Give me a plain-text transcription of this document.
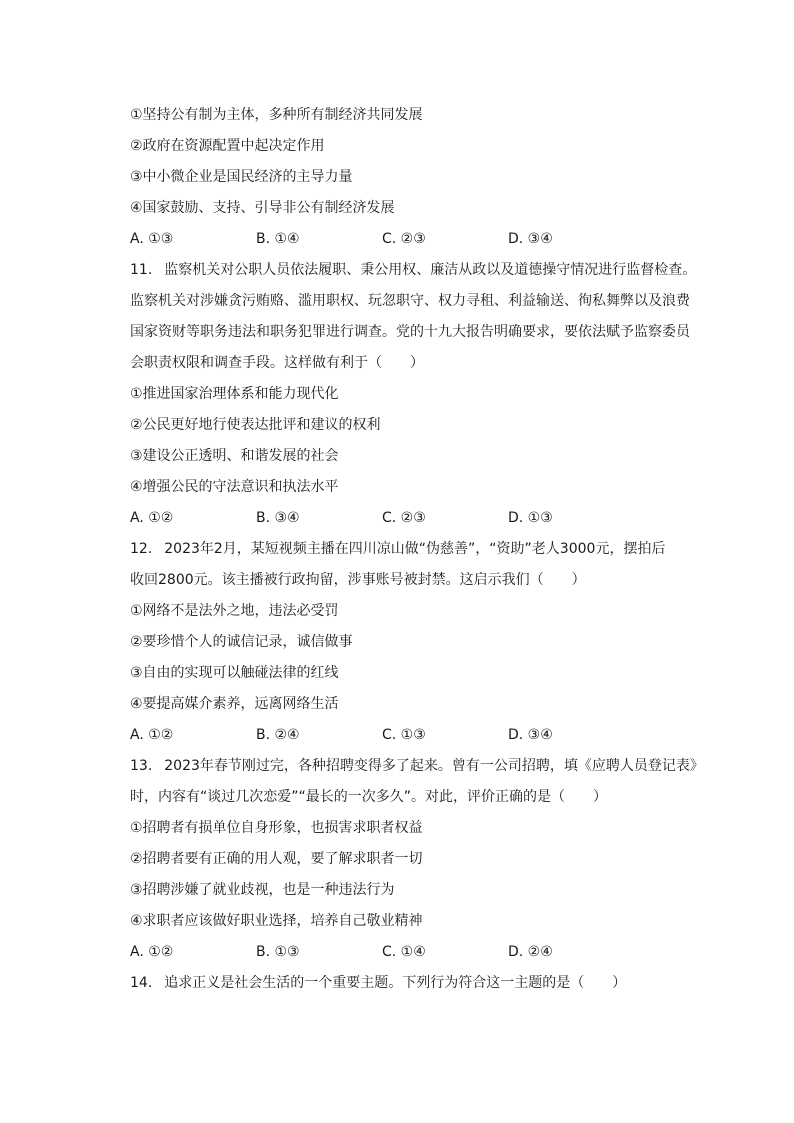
①坚持公有制为主体，多种所有制经济共同发展
②政府在资源配置中起决定作用
③中小微企业是国民经济的主导力量
④国家鼓励、支持、引导非公有制经济发展
A. ①③	B. ①④	C. ②③	D. ③④
11. 监察机关对公职人员依法履职、秉公用权、廉洁从政以及道德操守情况进行监督检查。
监察机关对涉嫌贪污贿赂、滥用职权、玩忽职守、权力寻租、利益输送、徇私舞弊以及浪费
国家资财等职务违法和职务犯罪进行调查。党的十九大报告明确要求，要依法赋予监察委员
会职责权限和调查手段。这样做有利于（　　）
①推进国家治理体系和能力现代化
②公民更好地行使表达批评和建议的权利
③建设公正透明、和谐发展的社会
④增强公民的守法意识和执法水平
A. ①②	B. ③④	C. ②③	D. ①③
12. 2023年2月，某短视频主播在四川凉山做“伪慈善”，“资助”老人3000元，摆拍后
收回2800元。该主播被行政拘留，涉事账号被封禁。这启示我们（　　）
①网络不是法外之地，违法必受罚
②要珍惜个人的诚信记录，诚信做事
③自由的实现可以触碰法律的红线
④要提高媒介素养，远离网络生活
A. ①②	B. ②④	C. ①③	D. ③④
13. 2023年春节刚过完，各种招聘变得多了起来。曾有一公司招聘，填《应聘人员登记表》
时，内容有“谈过几次恋爱”“最长的一次多久”。对此，评价正确的是（　　）
①招聘者有损单位自身形象，也损害求职者权益
②招聘者要有正确的用人观，要了解求职者一切
③招聘涉嫌了就业歧视，也是一种违法行为
④求职者应该做好职业选择，培养自己敬业精神
A. ①②	B. ①③	C. ①④	D. ②④
14. 追求正义是社会生活的一个重要主题。下列行为符合这一主题的是（　　）
